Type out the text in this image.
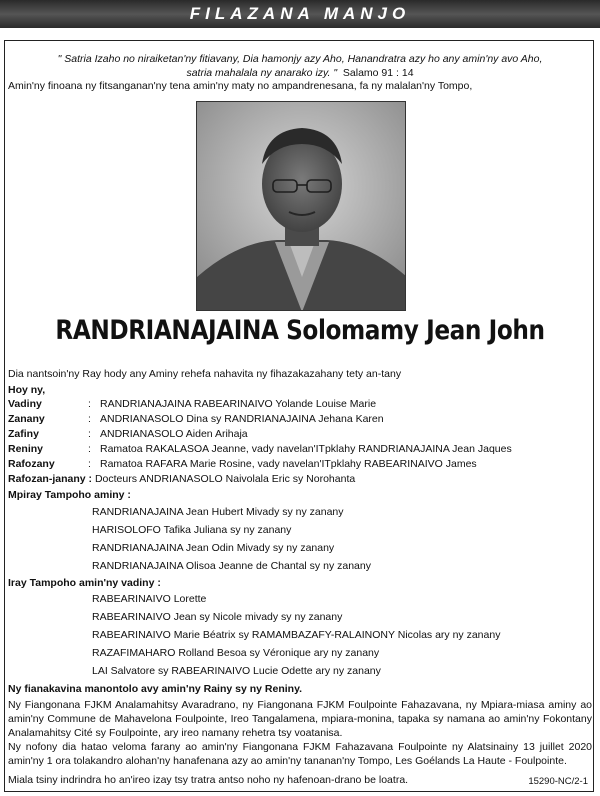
FILAZANA MANJO
" Satria Izaho no niraiketan'ny fitiavany, Dia hamonjy azy Aho, Hanandratra azy ho any amin'ny avo Aho,
satria mahalala ny anarako izy. " Salamo 91 : 14
Amin'ny finoana ny fitsanganan'ny tena amin'ny maty no ampandrenesana, fa ny malalan'ny Tompo,
RANDRIANAJAINA Solomamy Jean John
Dia nantsoin'ny Ray hody any Aminy rehefa nahavita ny fihazakazahany tety an-tany
Hoy ny,
Vadiny	: RANDRIANAJAINA RABEARINAIVO Yolande Louise Marie
Zanany	: ANDRIANASOLO Dina sy RANDRIANAJAINA Jehana Karen
Zafiny	: ANDRIANASOLO Aiden Arihaja
Reniny	: Ramatoa RAKALASOA Jeanne, vady navelan'ITpklahy RANDRIANAJAINA Jean Jaques
Rafozany	: Ramatoa RAFARA Marie Rosine, vady navelan'ITpklahy RABEARINAIVO James
Rafozan-janany : Docteurs ANDRIANASOLO Naivolala Eric sy Norohanta
Mpiray Tampoho aminy :
RANDRIANAJAINA Jean Hubert Mivady sy ny zanany
HARISOLOFO Tafika Juliana sy ny zanany
RANDRIANAJAINA Jean Odin Mivady sy ny zanany
RANDRIANAJAINA Olisoa Jeanne de Chantal sy ny zanany
Iray Tampoho amin'ny vadiny :
RABEARINAIVO Lorette
RABEARINAIVO Jean sy Nicole mivady sy ny zanany
RABEARINAIVO Marie Béatrix sy RAMAMBAZAFY-RALAINONY Nicolas ary ny zanany
RAZAFIMAHARO Rolland Besoa sy Véronique ary ny zanany
LAI Salvatore sy RABEARINAIVO Lucie Odette ary ny zanany
Ny fianakavina manontolo avy amin'ny Rainy sy ny Reniny.
Ny Fiangonana FJKM Analamahitsy Avaradrano, ny Fiangonana FJKM Foulpointe Fahazavana, ny Mpiara-miasa aminy ao amin'ny Commune de Mahavelona Foulpointe, Ireo Tangalamena, mpiara-monina, tapaka sy namana ao amin'ny Fokontany Analamahitsy Cité sy Foulpointe, ary ireo namany rehetra tsy voatanisa.
Ny nofony dia hatao veloma farany ao amin'ny Fiangonana FJKM Fahazavana Foulpointe ny Alatsinainy 13 juillet 2020 amin'ny 1 ora tolakandro alohan'ny hanafenana azy ao amin'ny tananan'ny Tompo, Les Goélands La Haute - Foulpointe.
Miala tsiny indrindra ho an'ireo izay tsy tratra antso noho ny hafenoan-drano be loatra.	15290-NC/2-1
